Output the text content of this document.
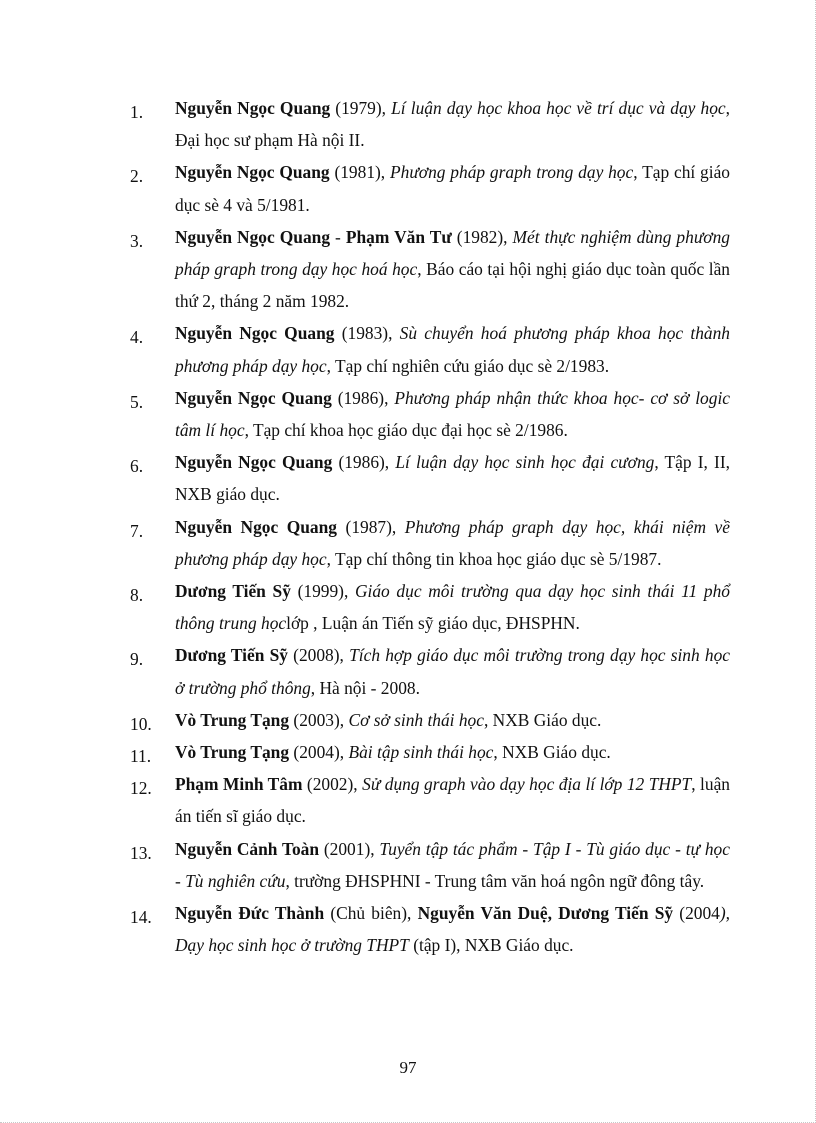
1.	Nguyễn Ngọc Quang (1979), Lí luận dạy học khoa học về trí dục và dạy học, Đại học sư phạm Hà nội II.
2.	Nguyễn Ngọc Quang (1981), Phương pháp graph trong dạy học, Tạp chí giáo dục sè 4 và 5/1981.
3.	Nguyễn Ngọc Quang - Phạm Văn Tư (1982), Mét thực nghiệm dùng phương pháp graph trong dạy học hoá học, Báo cáo tại hội nghị giáo dục toàn quốc lần thứ 2, tháng 2 năm 1982.
4.	Nguyễn Ngọc Quang (1983), Sù chuyển hoá phương pháp khoa học thành phương pháp dạy học, Tạp chí nghiên cứu giáo dục sè 2/1983.
5.	Nguyễn Ngọc Quang (1986), Phương pháp nhận thức khoa học- cơ sở logic tâm lí học, Tạp chí khoa học giáo dục đại học sè 2/1986.
6.	Nguyễn Ngọc Quang (1986), Lí luận dạy học sinh học đại cương, Tập I, II, NXB giáo dục.
7.	Nguyễn Ngọc Quang (1987), Phương pháp graph dạy học, khái niệm về phương pháp dạy học, Tạp chí thông tin khoa học giáo dục sè 5/1987.
8.	Dương Tiến Sỹ (1999), Giáo dục môi trường qua dạy học sinh thái 11 phổ thông trung họclớp , Luận án Tiến sỹ giáo dục, ĐHSPHN.
9.	Dương Tiến Sỹ (2008), Tích hợp giáo dục môi trường trong dạy học sinh học ở trường phổ thông, Hà nội - 2008.
10.	Vò Trung Tạng (2003), Cơ sở sinh thái học, NXB Giáo dục.
11.	Vò Trung Tạng (2004), Bài tập sinh thái học, NXB Giáo dục.
12.	Phạm Minh Tâm (2002), Sử dụng graph vào dạy học địa lí lớp 12 THPT, luận án tiến sĩ giáo dục.
13.	Nguyễn Cảnh Toàn (2001), Tuyển tập tác phẩm - Tập I - Tù giáo dục - tự học - Tù nghiên cứu, trường ĐHSPHNI - Trung tâm văn hoá ngôn ngữ đông tây.
14.	Nguyễn Đức Thành (Chủ biên), Nguyễn Văn Duệ, Dương Tiến Sỹ (2004), Dạy học sinh học ở trường THPT (tập I), NXB Giáo dục.
97
